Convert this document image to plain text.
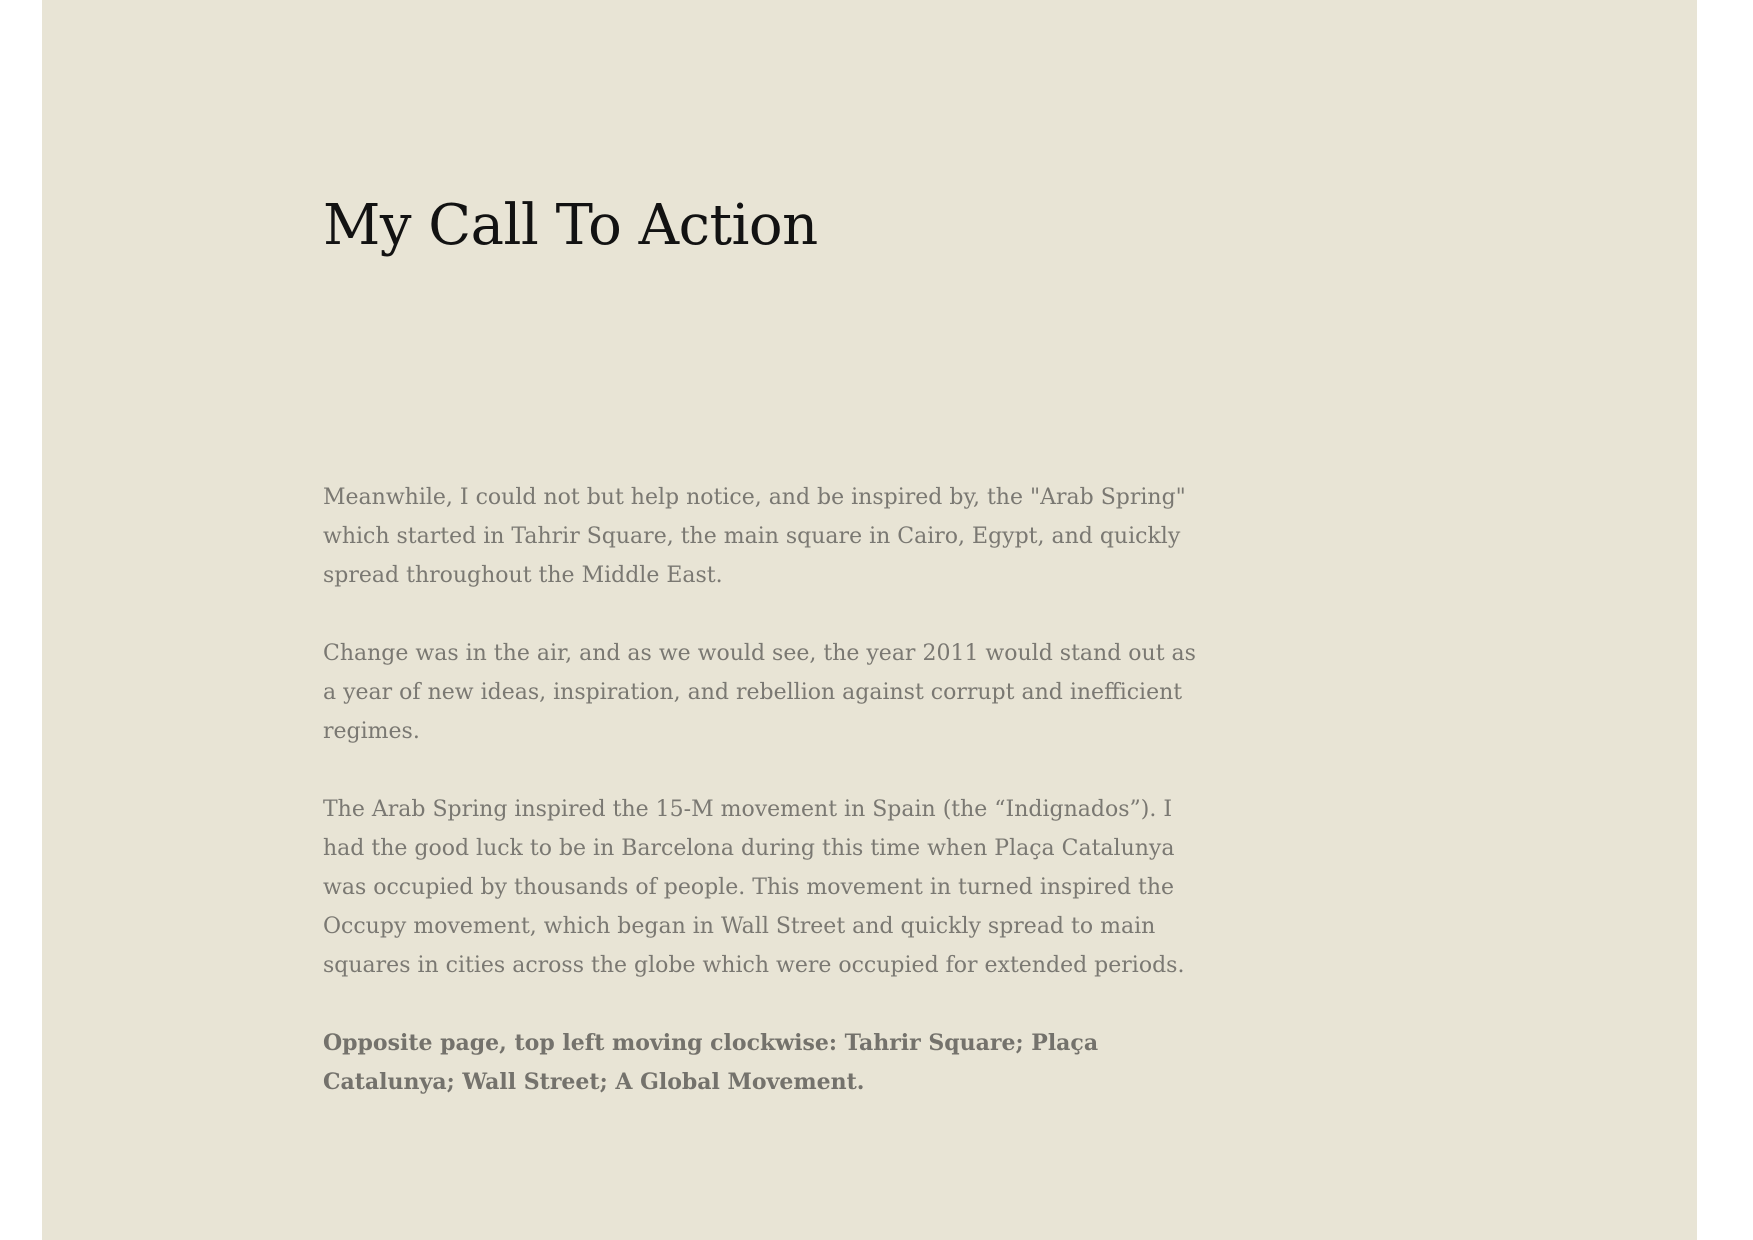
My Call To Action

Meanwhile, I could not but help notice, and be inspired by, the "Arab Spring" which started in Tahrir Square, the main square in Cairo, Egypt, and quickly spread throughout the Middle East.

Change was in the air, and as we would see, the year 2011 would stand out as a year of new ideas, inspiration, and rebellion against corrupt and inefficient regimes.

The Arab Spring inspired the 15-M movement in Spain (the “Indignados”). I had the good luck to be in Barcelona during this time when Plaça Catalunya was occupied by thousands of people. This movement in turned inspired the Occupy movement, which began in Wall Street and quickly spread to main squares in cities across the globe which were occupied for extended periods.

Opposite page, top left moving clockwise: Tahrir Square; Plaça Catalunya; Wall Street; A Global Movement.
